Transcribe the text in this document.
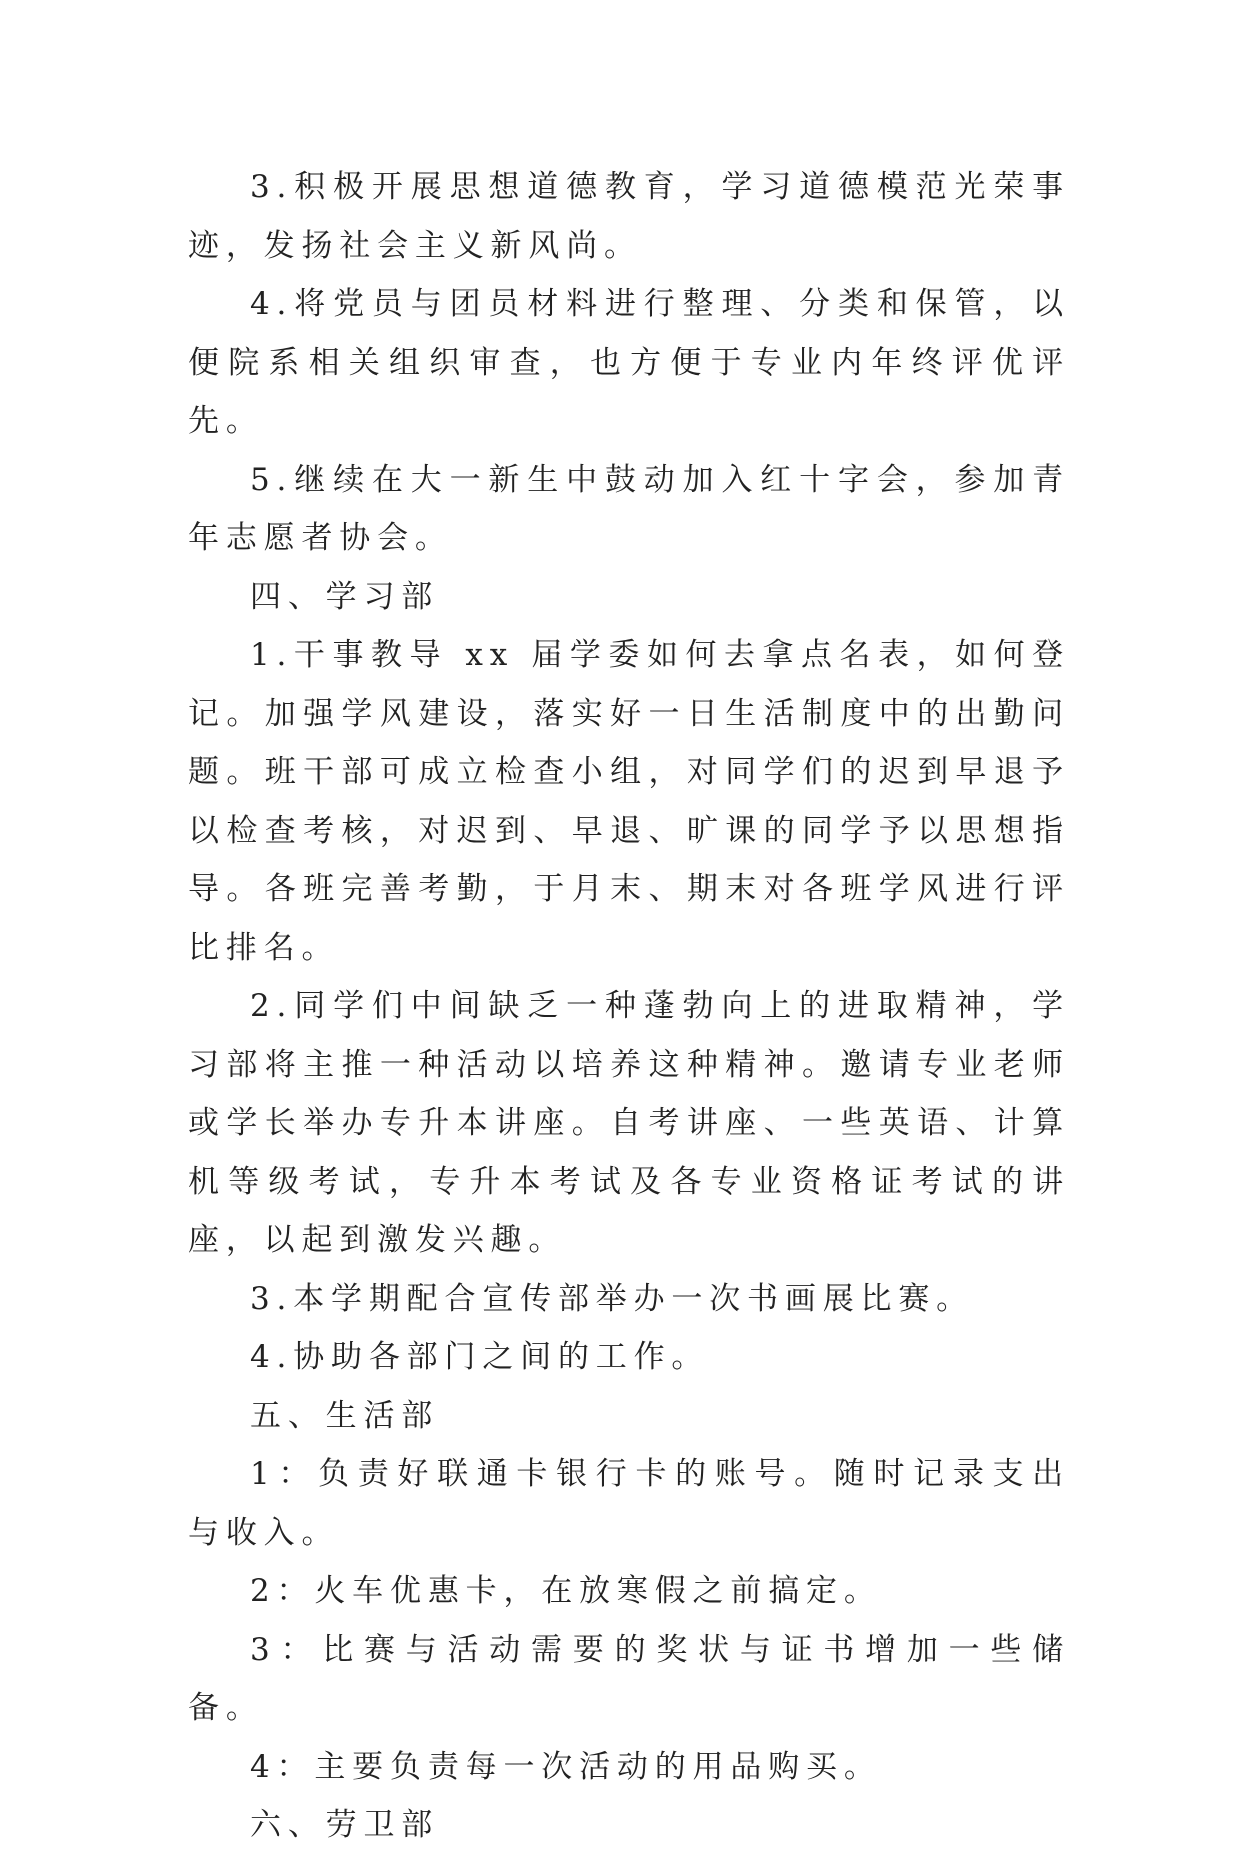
3.积极开展思想道德教育，学习道德模范光荣事迹，发扬社会主义新风尚。

4.将党员与团员材料进行整理、分类和保管，以便院系相关组织审查，也方便于专业内年终评优评先。

5.继续在大一新生中鼓动加入红十字会，参加青年志愿者协会。

四、学习部

1.干事教导 xx 届学委如何去拿点名表，如何登记。加强学风建设，落实好一日生活制度中的出勤问题。班干部可成立检查小组，对同学们的迟到早退予以检查考核，对迟到、早退、旷课的同学予以思想指导。各班完善考勤，于月末、期末对各班学风进行评比排名。

2.同学们中间缺乏一种蓬勃向上的进取精神，学习部将主推一种活动以培养这种精神。邀请专业老师或学长举办专升本讲座。自考讲座、一些英语、计算机等级考试，专升本考试及各专业资格证考试的讲座，以起到激发兴趣。

3.本学期配合宣传部举办一次书画展比赛。

4.协助各部门之间的工作。

五、生活部

1：负责好联通卡银行卡的账号。随时记录支出与收入。

2：火车优惠卡，在放寒假之前搞定。

3：比赛与活动需要的奖状与证书增加一些储备。

4：主要负责每一次活动的用品购买。

六、劳卫部
